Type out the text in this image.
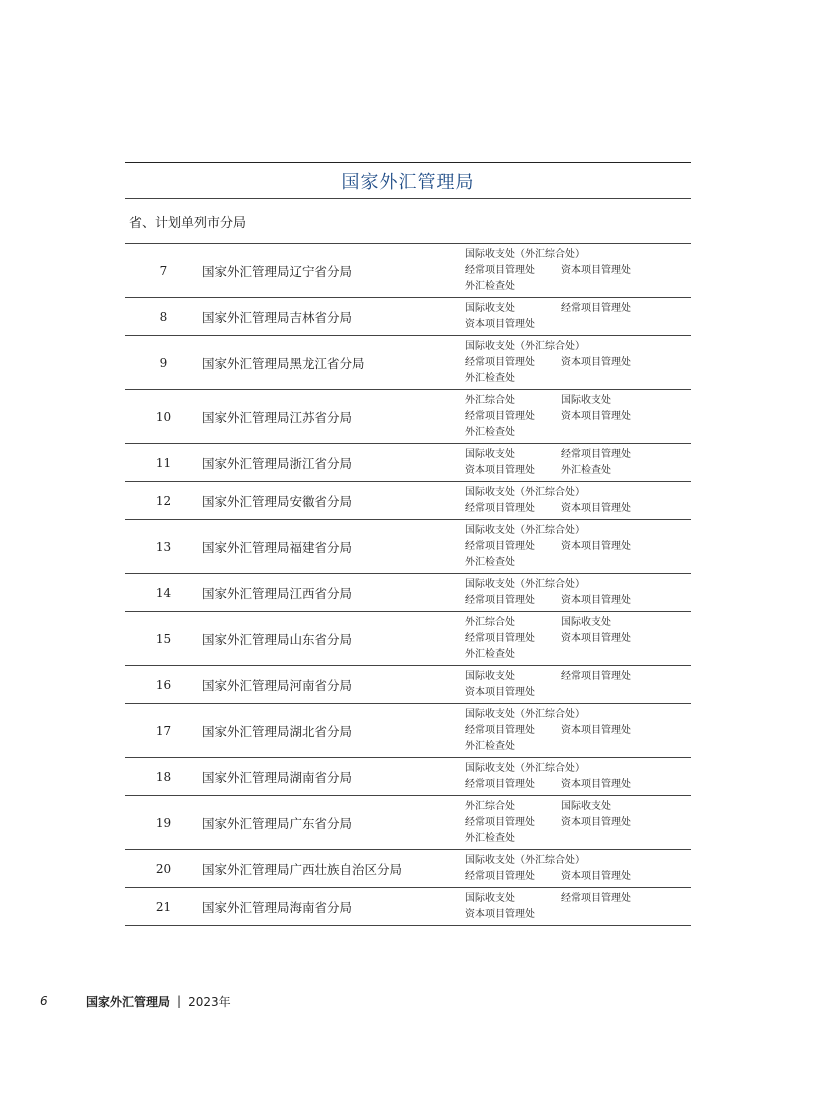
国家外汇管理局
省、计划单列市分局
7	国家外汇管理局辽宁省分局
国际收支处（外汇综合处）
经常项目管理处	资本项目管理处
外汇检查处
8	国家外汇管理局吉林省分局
国际收支处	经常项目管理处
资本项目管理处
9	国家外汇管理局黑龙江省分局
国际收支处（外汇综合处）
经常项目管理处	资本项目管理处
外汇检查处
10	国家外汇管理局江苏省分局
外汇综合处	国际收支处
经常项目管理处	资本项目管理处
外汇检查处
11	国家外汇管理局浙江省分局
国际收支处	经常项目管理处
资本项目管理处	外汇检查处
12	国家外汇管理局安徽省分局
国际收支处（外汇综合处）
经常项目管理处	资本项目管理处
13	国家外汇管理局福建省分局
国际收支处（外汇综合处）
经常项目管理处	资本项目管理处
外汇检查处
14	国家外汇管理局江西省分局
国际收支处（外汇综合处）
经常项目管理处	资本项目管理处
15	国家外汇管理局山东省分局
外汇综合处	国际收支处
经常项目管理处	资本项目管理处
外汇检查处
16	国家外汇管理局河南省分局
国际收支处	经常项目管理处
资本项目管理处
17	国家外汇管理局湖北省分局
国际收支处（外汇综合处）
经常项目管理处	资本项目管理处
外汇检查处
18	国家外汇管理局湖南省分局
国际收支处（外汇综合处）
经常项目管理处	资本项目管理处
19	国家外汇管理局广东省分局
外汇综合处	国际收支处
经常项目管理处	资本项目管理处
外汇检查处
20	国家外汇管理局广西壮族自治区分局
国际收支处（外汇综合处）
经常项目管理处	资本项目管理处
21	国家外汇管理局海南省分局
国际收支处	经常项目管理处
资本项目管理处
6	国家外汇管理局 | 2023年
